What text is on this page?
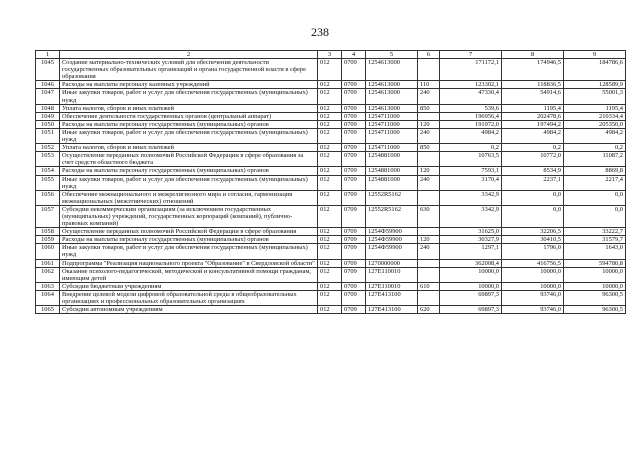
238
1	2	3	4	5	6	7	8	9
1045	Создание материально-технических условий для обеспечения деятельности государственных образовательных организаций и органа государственной власти в сфере образования	012	0709	1254613000		171172,1	174946,5	184786,6
1046	Расходы на выплаты персоналу казенных учреждений	012	0709	1254613000	110	123302,1	118836,5	128589,9
1047	Иные закупки товаров, работ и услуг для обеспечения государственных (муниципальных) нужд	012	0709	1254613000	240	47330,4	54914,6	55001,3
1048	Уплата налогов, сборов и иных платежей	012	0709	1254613000	850	539,6	1195,4	1195,4
1049	Обеспечение деятельности государственных органов (центральный аппарат)	012	0709	1254711000		196956,4	202478,6	210334,4
1050	Расходы на выплаты персоналу государственных (муниципальных) органов	012	0709	1254711000	120	191972,0	197494,2	205350,0
1051	Иные закупки товаров, работ и услуг для обеспечения государственных (муниципальных) нужд	012	0709	1254711000	240	4984,2	4984,2	4984,2
1052	Уплата налогов, сборов и иных платежей	012	0709	1254711000	850	0,2	0,2	0,2
1053	Осуществление переданных полномочий Российской Федерации в сфере образования за счет средств областного бюджета	012	0709	1254881000		10763,5	10772,0	11087,2
1054	Расходы на выплаты персоналу государственных (муниципальных) органов	012	0709	1254881000	120	7593,1	8534,9	8869,8
1055	Иные закупки товаров, работ и услуг для обеспечения государственных (муниципальных) нужд	012	0709	1254881000	240	3170,4	2237,1	2217,4
1056	Обеспечение межнационального и межрелигиозного мира и согласия, гармонизация межнациональных (межэтнических) отношений	012	0709	12552R5162		3342,9	0,0	0,0
1057	Субсидии некоммерческим организациям (за исключением государственных (муниципальных) учреждений, государственных корпораций (компаний), публично-правовых компаний)	012	0709	12552R5162	630	3342,9	0,0	0,0
1058	Осуществление переданных полномочий Российской Федерации в сфере образования	012	0709	1254Ф59900		31625,0	32206,5	33222,7
1059	Расходы на выплаты персоналу государственных (муниципальных) органов	012	0709	1254Ф59900	120	30327,9	30410,5	31579,7
1060	Иные закупки товаров, работ и услуг для обеспечения государственных (муниципальных) нужд	012	0709	1254Ф59900	240	1297,1	1796,0	1643,0
1061	Подпрограмма "Реализация национального проекта "Образование" в Свердловской области"	012	0709	1270000000		362008,4	416756,5	594780,8
1062	Оказание психолого-педагогической, методической и консультативной помощи гражданам, имеющим детей	012	0709	127Е110010		10000,0	10000,0	10000,0
1063	Субсидии бюджетным учреждениям	012	0709	127Е110010	610	10000,0	10000,0	10000,0
1064	Внедрение целевой модели цифровой образовательной среды в общеобразовательных организациях и профессиональных образовательных организациях	012	0709	127Е413100		69897,3	93746,0	96300,5
1065	Субсидии автономным учреждениям	012	0709	127Е413100	620	69897,3	93746,0	96300,5
